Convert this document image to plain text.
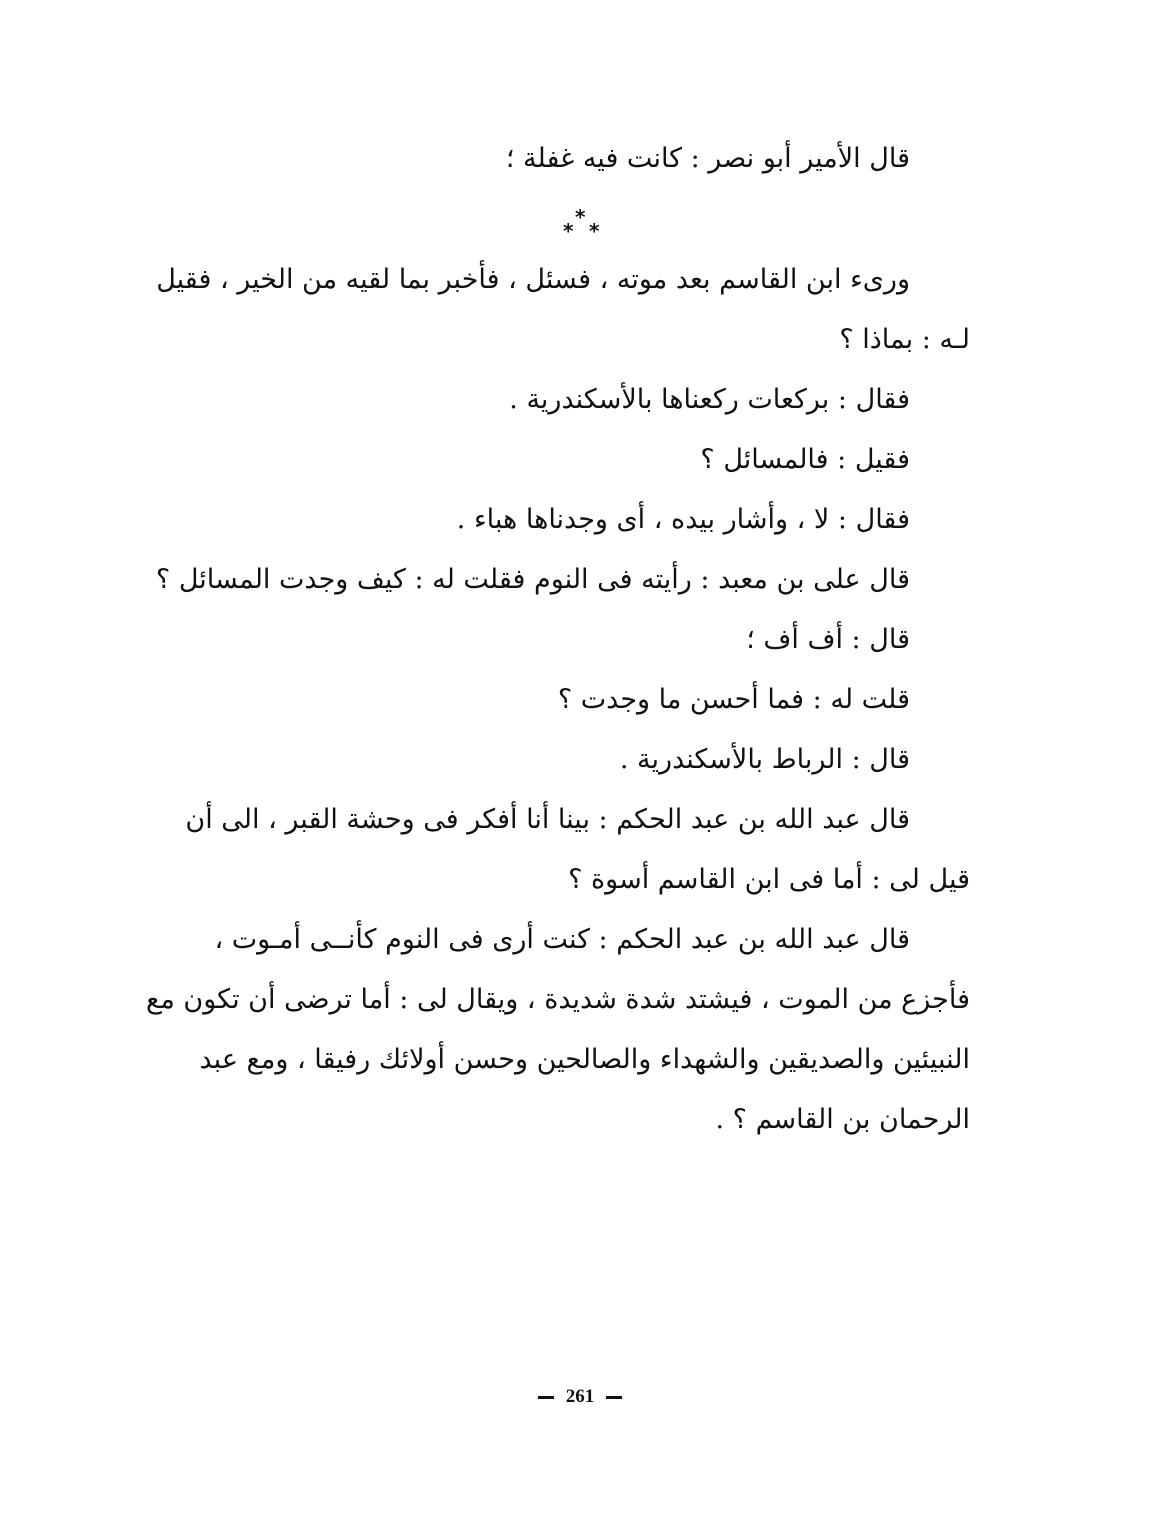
قال الأمير أبو نصر : كانت فيه غفلة ؛
ورىء ابن القاسم بعد موته ، فسئل ، فأخبر بما لقيه من الخير ، فقيل
لـه : بماذا ؟
فقال : بركعات ركعناها بالأسكندرية .
فقيل : فالمسائل ؟
فقال : لا ، وأشار بيده ، أى وجدناها هباء .
قال على بن معبد : رأيته فى النوم فقلت له : كيف وجدت المسائل ؟
قال : أف أف ؛
قلت له : فما أحسن ما وجدت ؟
قال : الرباط بالأسكندرية .
قال عبد الله بن عبد الحكم : بينا أنا أفكر فى وحشة القبر ، الى أن
قيل لى : أما فى ابن القاسم أسوة ؟
قال عبد الله بن عبد الحكم : كنت أرى فى النوم كأنــى أمـوت ،
فأجزع من الموت ، فيشتد شدة شديدة ، ويقال لى : أما ترضى أن تكون مع
النبيئين والصديقين والشهداء والصالحين وحسن أولائك رفيقا ، ومع عبد
الرحمان بن القاسم ؟ .
*
* *
261
